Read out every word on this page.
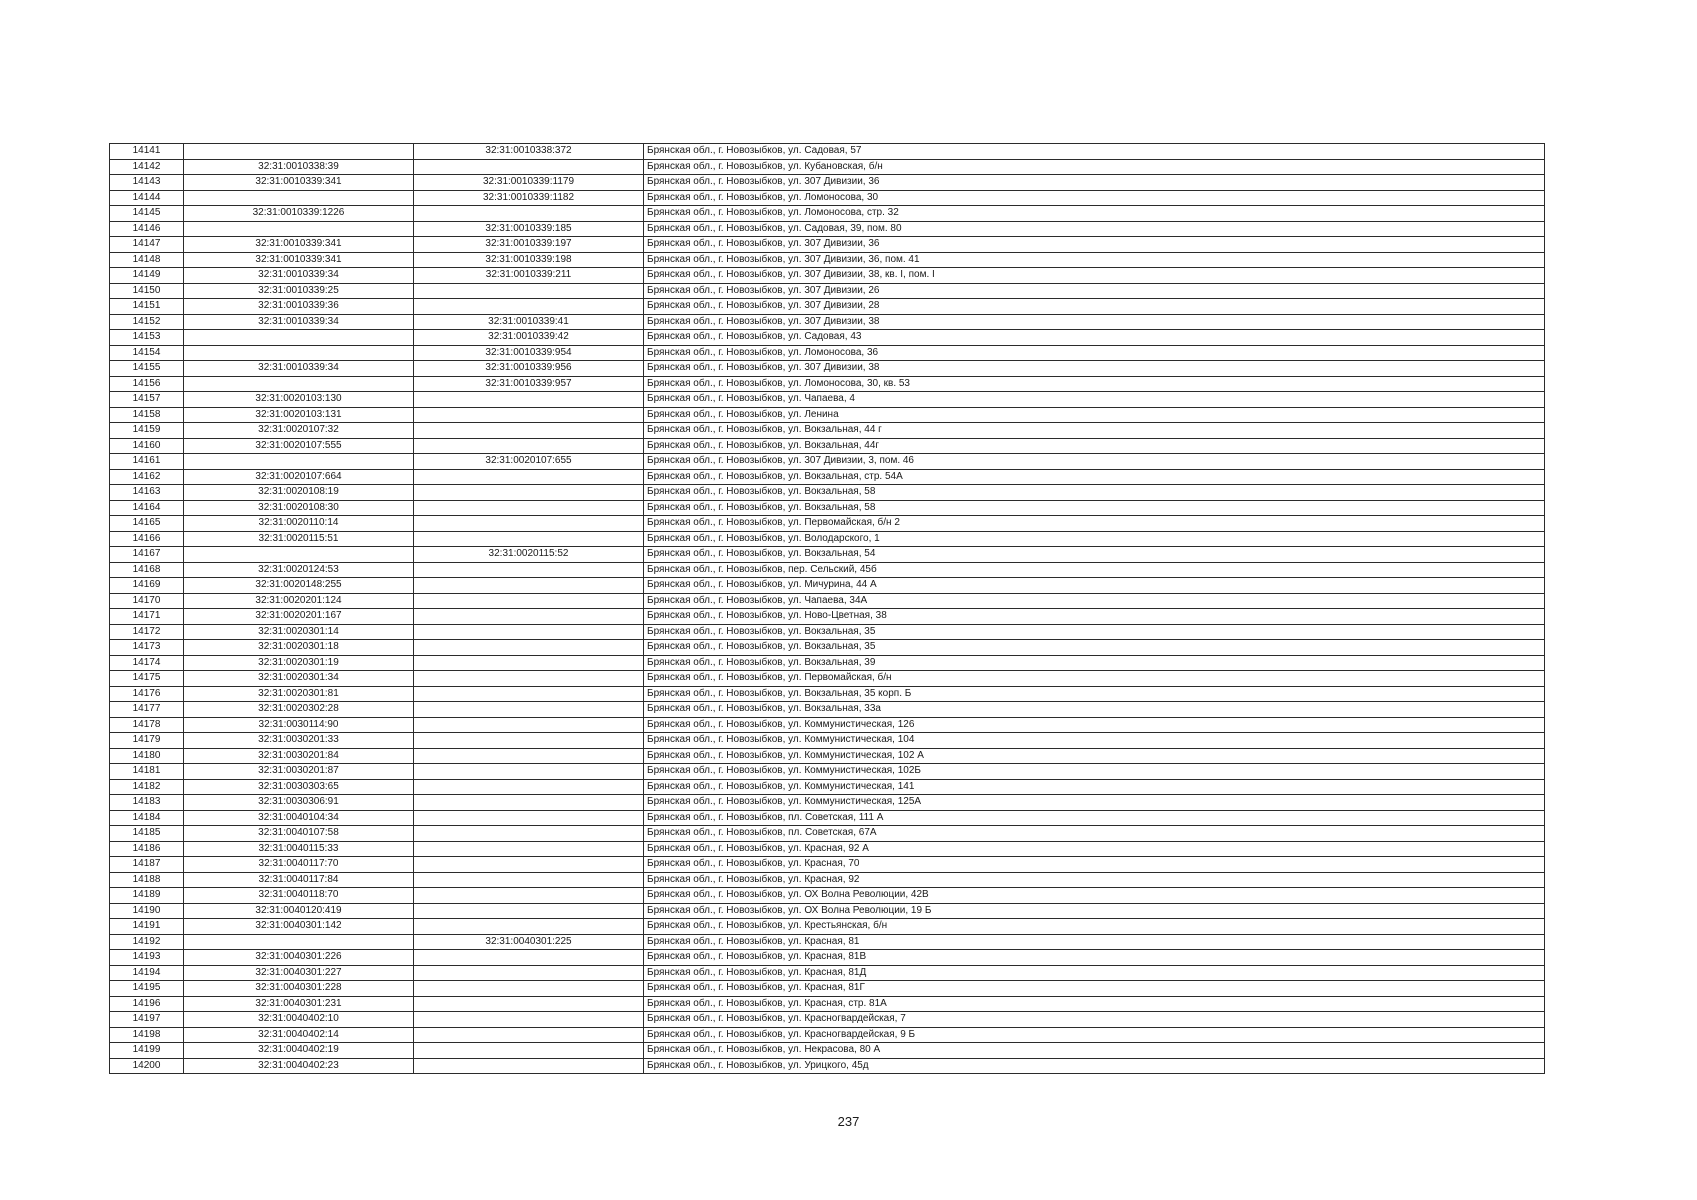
14141		32:31:0010338:372	Брянская обл., г. Новозыбков, ул. Садовая, 57
14142	32:31:0010338:39		Брянская обл., г. Новозыбков, ул. Кубановская, б/н
14143	32:31:0010339:341	32:31:0010339:1179	Брянская обл., г. Новозыбков, ул. 307 Дивизии, 36
14144		32:31:0010339:1182	Брянская обл., г. Новозыбков, ул. Ломоносова, 30
14145	32:31:0010339:1226		Брянская обл., г. Новозыбков, ул. Ломоносова, стр. 32
14146		32:31:0010339:185	Брянская обл., г. Новозыбков, ул. Садовая, 39, пом. 80
14147	32:31:0010339:341	32:31:0010339:197	Брянская обл., г. Новозыбков, ул. 307 Дивизии, 36
14148	32:31:0010339:341	32:31:0010339:198	Брянская обл., г. Новозыбков, ул. 307 Дивизии, 36, пом. 41
14149	32:31:0010339:34	32:31:0010339:211	Брянская обл., г. Новозыбков, ул. 307 Дивизии, 38, кв. I, пом. I
14150	32:31:0010339:25		Брянская обл., г. Новозыбков, ул. 307 Дивизии, 26
14151	32:31:0010339:36		Брянская обл., г. Новозыбков, ул. 307 Дивизии, 28
14152	32:31:0010339:34	32:31:0010339:41	Брянская обл., г. Новозыбков, ул. 307 Дивизии, 38
14153		32:31:0010339:42	Брянская обл., г. Новозыбков, ул. Садовая, 43
14154		32:31:0010339:954	Брянская обл., г. Новозыбков, ул. Ломоносова, 36
14155	32:31:0010339:34	32:31:0010339:956	Брянская обл., г. Новозыбков, ул. 307 Дивизии, 38
14156		32:31:0010339:957	Брянская обл., г. Новозыбков, ул. Ломоносова, 30, кв. 53
14157	32:31:0020103:130		Брянская обл., г. Новозыбков, ул. Чапаева, 4
14158	32:31:0020103:131		Брянская обл., г. Новозыбков, ул. Ленина
14159	32:31:0020107:32		Брянская обл., г. Новозыбков, ул. Вокзальная, 44 г
14160	32:31:0020107:555		Брянская обл., г. Новозыбков, ул. Вокзальная, 44г
14161		32:31:0020107:655	Брянская обл., г. Новозыбков, ул. 307 Дивизии, 3, пом. 46
14162	32:31:0020107:664		Брянская обл., г. Новозыбков, ул. Вокзальная, стр. 54А
14163	32:31:0020108:19		Брянская обл., г. Новозыбков, ул. Вокзальная, 58
14164	32:31:0020108:30		Брянская обл., г. Новозыбков, ул. Вокзальная, 58
14165	32:31:0020110:14		Брянская обл., г. Новозыбков, ул. Первомайская, б/н 2
14166	32:31:0020115:51		Брянская обл., г. Новозыбков, ул. Володарского, 1
14167		32:31:0020115:52	Брянская обл., г. Новозыбков, ул. Вокзальная, 54
14168	32:31:0020124:53		Брянская обл., г. Новозыбков, пер. Сельский, 45б
14169	32:31:0020148:255		Брянская обл., г. Новозыбков, ул. Мичурина, 44 А
14170	32:31:0020201:124		Брянская обл., г. Новозыбков, ул. Чапаева, 34А
14171	32:31:0020201:167		Брянская обл., г. Новозыбков, ул. Ново-Цветная, 38
14172	32:31:0020301:14		Брянская обл., г. Новозыбков, ул. Вокзальная, 35
14173	32:31:0020301:18		Брянская обл., г. Новозыбков, ул. Вокзальная, 35
14174	32:31:0020301:19		Брянская обл., г. Новозыбков, ул. Вокзальная, 39
14175	32:31:0020301:34		Брянская обл., г. Новозыбков, ул. Первомайская, б/н
14176	32:31:0020301:81		Брянская обл., г. Новозыбков, ул. Вокзальная, 35 корп. Б
14177	32:31:0020302:28		Брянская обл., г. Новозыбков, ул. Вокзальная, 33а
14178	32:31:0030114:90		Брянская обл., г. Новозыбков, ул. Коммунистическая, 126
14179	32:31:0030201:33		Брянская обл., г. Новозыбков, ул. Коммунистическая, 104
14180	32:31:0030201:84		Брянская обл., г. Новозыбков, ул. Коммунистическая, 102 А
14181	32:31:0030201:87		Брянская обл., г. Новозыбков, ул. Коммунистическая, 102Б
14182	32:31:0030303:65		Брянская обл., г. Новозыбков, ул. Коммунистическая, 141
14183	32:31:0030306:91		Брянская обл., г. Новозыбков, ул. Коммунистическая, 125А
14184	32:31:0040104:34		Брянская обл., г. Новозыбков, пл. Советская, 111 А
14185	32:31:0040107:58		Брянская обл., г. Новозыбков, пл. Советская, 67А
14186	32:31:0040115:33		Брянская обл., г. Новозыбков, ул. Красная, 92 А
14187	32:31:0040117:70		Брянская обл., г. Новозыбков, ул. Красная, 70
14188	32:31:0040117:84		Брянская обл., г. Новозыбков, ул. Красная, 92
14189	32:31:0040118:70		Брянская обл., г. Новозыбков, ул. ОХ Волна Революции, 42В
14190	32:31:0040120:419		Брянская обл., г. Новозыбков, ул. ОХ Волна Революции, 19 Б
14191	32:31:0040301:142		Брянская обл., г. Новозыбков, ул. Крестьянская, б/н
14192		32:31:0040301:225	Брянская обл., г. Новозыбков, ул. Красная, 81
14193	32:31:0040301:226		Брянская обл., г. Новозыбков, ул. Красная, 81В
14194	32:31:0040301:227		Брянская обл., г. Новозыбков, ул. Красная, 81Д
14195	32:31:0040301:228		Брянская обл., г. Новозыбков, ул. Красная, 81Г
14196	32:31:0040301:231		Брянская обл., г. Новозыбков, ул. Красная, стр. 81А
14197	32:31:0040402:10		Брянская обл., г. Новозыбков, ул. Красногвардейская, 7
14198	32:31:0040402:14		Брянская обл., г. Новозыбков, ул. Красногвардейская, 9 Б
14199	32:31:0040402:19		Брянская обл., г. Новозыбков, ул. Некрасова, 80 А
14200	32:31:0040402:23		Брянская обл., г. Новозыбков, ул. Урицкого, 45д
237
